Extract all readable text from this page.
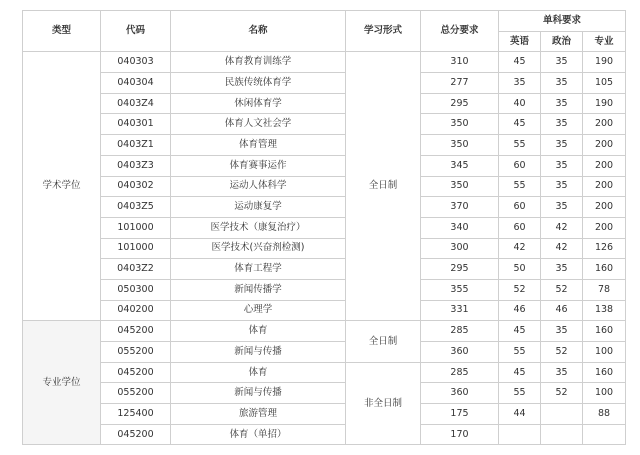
类型	代码	名称	学习形式	总分要求	单科要求		
					英语	政治	专业
学术学位	040303	体育教育训练学	全日制	310	45	35	190
	040304	民族传统体育学		277	35	35	105
	0403Z4	休闲体育学		295	40	35	190
	040301	体育人文社会学		350	45	35	200
	0403Z1	体育管理		350	55	35	200
	0403Z3	体育赛事运作		345	60	35	200
	040302	运动人体科学		350	55	35	200
	0403Z5	运动康复学		370	60	35	200
	101000	医学技术（康复治疗）		340	60	42	200
	101000	医学技术(兴奋剂检测)		300	42	42	126
	0403Z2	体育工程学		295	50	35	160
	050300	新闻传播学		355	52	52	78
	040200	心理学		331	46	46	138
专业学位	045200	体育	全日制	285	45	35	160
	055200	新闻与传播		360	55	52	100
	045200	体育	非全日制	285	45	35	160
	055200	新闻与传播		360	55	52	100
	125400	旅游管理		175	44		88
	045200	体育（单招）		170			
